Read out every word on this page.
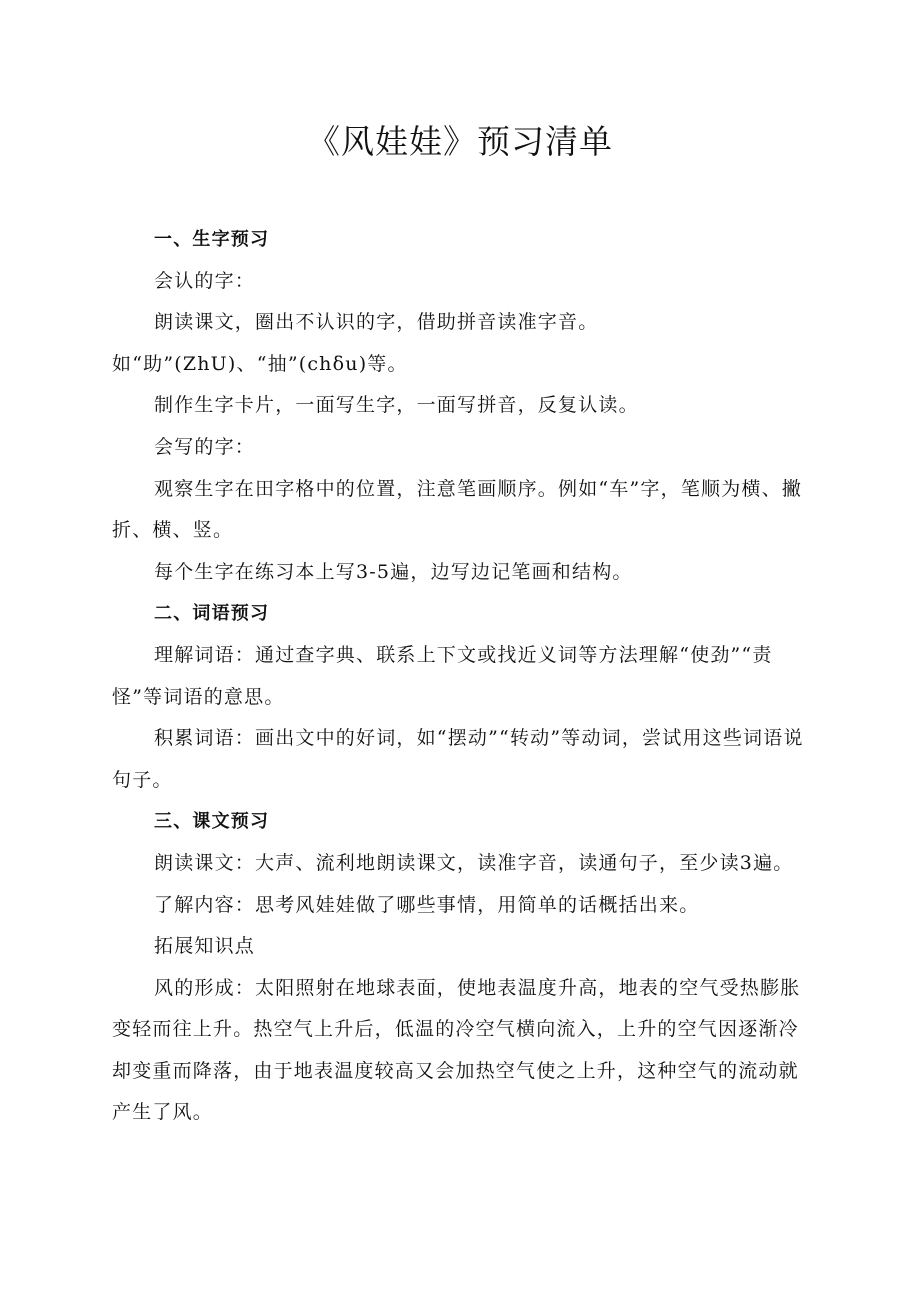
《风娃娃》预习清单

一、生字预习

会认的字：

朗读课文，圈出不认识的字，借助拼音读准字音。如“助”(ZhU)、“抽”(chδu)等。

制作生字卡片，一面写生字，一面写拼音，反复认读。

会写的字：

观察生字在田字格中的位置，注意笔画顺序。例如“车”字，笔顺为横、撇折、横、竖。

每个生字在练习本上写3-5遍，边写边记笔画和结构。

二、词语预习

理解词语：通过查字典、联系上下文或找近义词等方法理解“使劲”“责怪”等词语的意思。

积累词语：画出文中的好词，如“摆动”“转动”等动词，尝试用这些词语说句子。

三、课文预习

朗读课文：大声、流利地朗读课文，读准字音，读通句子，至少读3遍。

了解内容：思考风娃娃做了哪些事情，用简单的话概括出来。

拓展知识点

风的形成：太阳照射在地球表面，使地表温度升高，地表的空气受热膨胀变轻而往上升。热空气上升后，低温的冷空气横向流入，上升的空气因逐渐冷却变重而降落，由于地表温度较高又会加热空气使之上升，这种空气的流动就产生了风。
